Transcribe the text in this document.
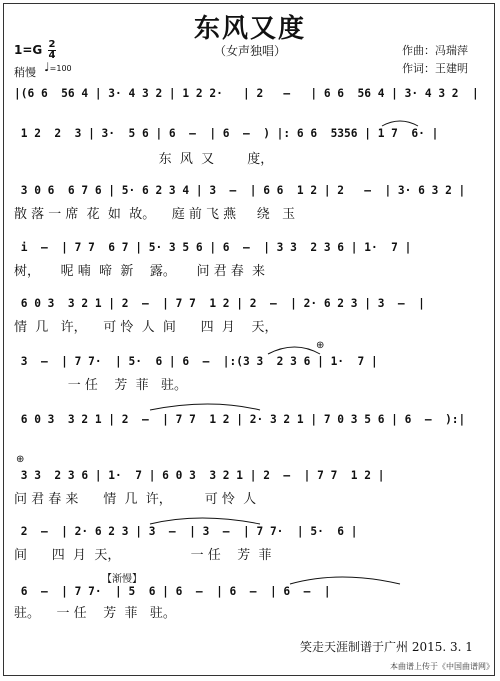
东风又度
（女声独唱）	作曲：冯瑞萍
作词：王建明
1=G 2
4
稍慢 ♩=100
|(6 6  56 4 | 3· 4 3 2 | 1 2 2·   | 2   –   | 6 6  56 4 | 3· 4 3 2  |
1 2  2  3 | 3·  5 6 | 6  –  | 6  –  ) |: 6 6  5356 | 1 7  6· |
东  风  又        度，
3 0 6  6 7 6 | 5· 6 2 3 4 | 3  –  | 6 6  1 2 | 2   –  | 3· 6 3 2 |
散 落 一 席  花  如  故。    庭 前 飞 燕     绕   玉
i  –  | 7 7  6 7 | 5· 3 5 6 | 6  –  | 3 3  2 3 6 | 1·  7 |
树，     呢 喃  啼  新    露。     问 君 春  来
6 0 3  3 2 1 | 2  –  | 7 7  1 2 | 2  –  | 2· 6 2 3 | 3  –  |
情  几   许，    可 怜  人  间      四  月    天，
3  –  | 7 7·  | 5·  6 | 6  –  |:(3 3  2 3 6 | 1·  7 |
⊕
一 任    芳  菲   驻。
6 0 3  3 2 1 | 2  –  | 7 7  1 2 | 2· 3 2 1 | 7 0 3 5 6 | 6  –  ):|
⊕
3 3  2 3 6 | 1·  7 | 6 0 3  3 2 1 | 2  –  | 7 7  1 2 |
问 君 春 来      情  几  许，        可 怜  人
2  –  | 2· 6 2 3 | 3  –  | 3  –  | 7 7·  | 5·  6 |
间      四  月  天，                 一 任    芳  菲
【渐慢】
6  –  | 7 7·  | 5  6 | 6  –  | 6  –  | 6  –  |
驻。    一 任    芳  菲   驻。
笑走天涯制谱于广州 2015. 3. 1
本曲谱上传于《中国曲谱网》
